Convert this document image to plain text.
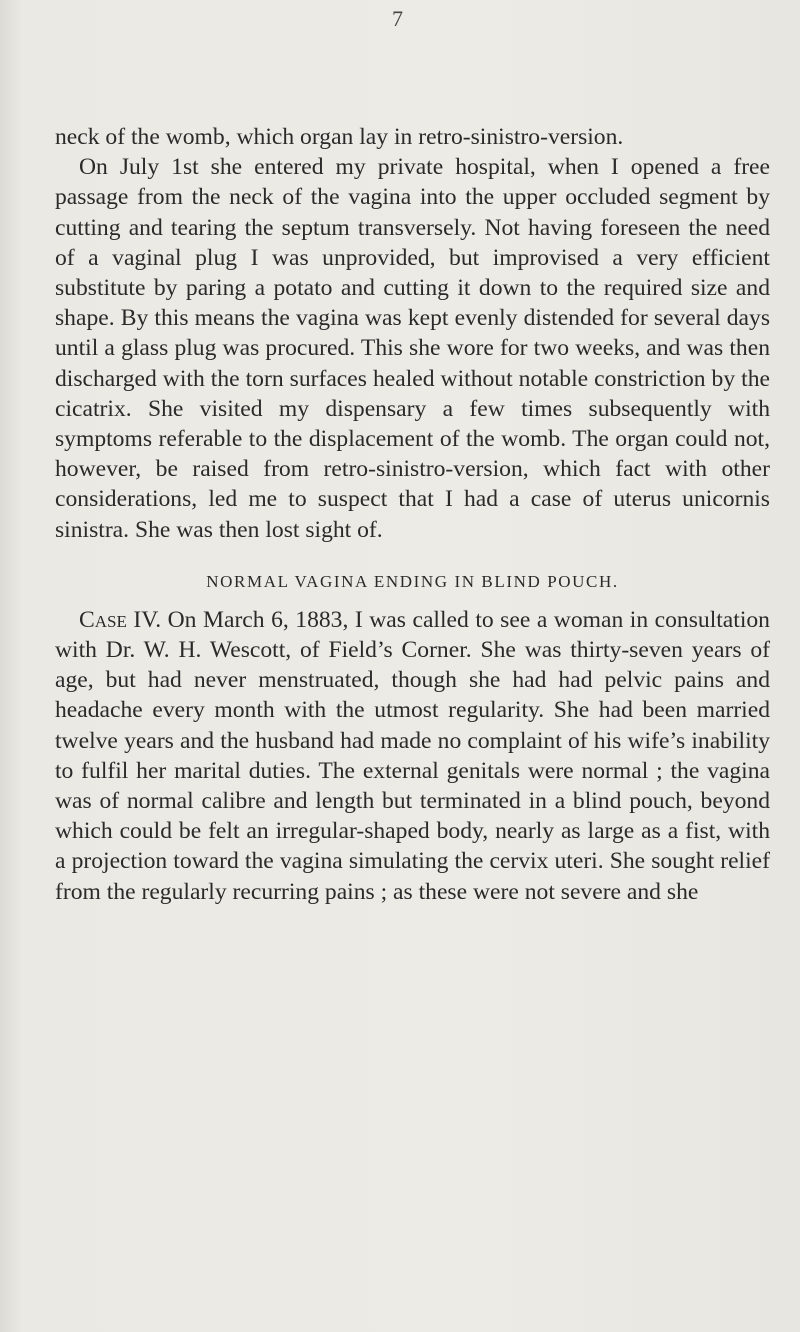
7

neck of the womb, which organ lay in retro-sinistro-version.

On July 1st she entered my private hospital, when I opened a free passage from the neck of the vagina into the upper occluded segment by cutting and tearing the septum transversely. Not having foreseen the need of a vaginal plug I was unprovided, but improvised a very efficient substitute by paring a potato and cutting it down to the required size and shape. By this means the vagina was kept evenly distended for several days until a glass plug was procured. This she wore for two weeks, and was then discharged with the torn surfaces healed without notable constriction by the cicatrix. She visited my dispensary a few times subsequently with symptoms referable to the displacement of the womb. The organ could not, however, be raised from retro-sinistro-version, which fact with other considerations, led me to suspect that I had a case of uterus unicornis sinistra. She was then lost sight of.

NORMAL VAGINA ENDING IN BLIND POUCH.

Case IV. On March 6, 1883, I was called to see a woman in consultation with Dr. W. H. Wescott, of Field’s Corner. She was thirty-seven years of age, but had never menstruated, though she had had pelvic pains and headache every month with the utmost regularity. She had been married twelve years and the husband had made no complaint of his wife’s inability to fulfil her marital duties. The external genitals were normal ; the vagina was of normal calibre and length but terminated in a blind pouch, beyond which could be felt an irregular-shaped body, nearly as large as a fist, with a projection toward the vagina simulating the cervix uteri. She sought relief from the regularly recurring pains ; as these were not severe and she
